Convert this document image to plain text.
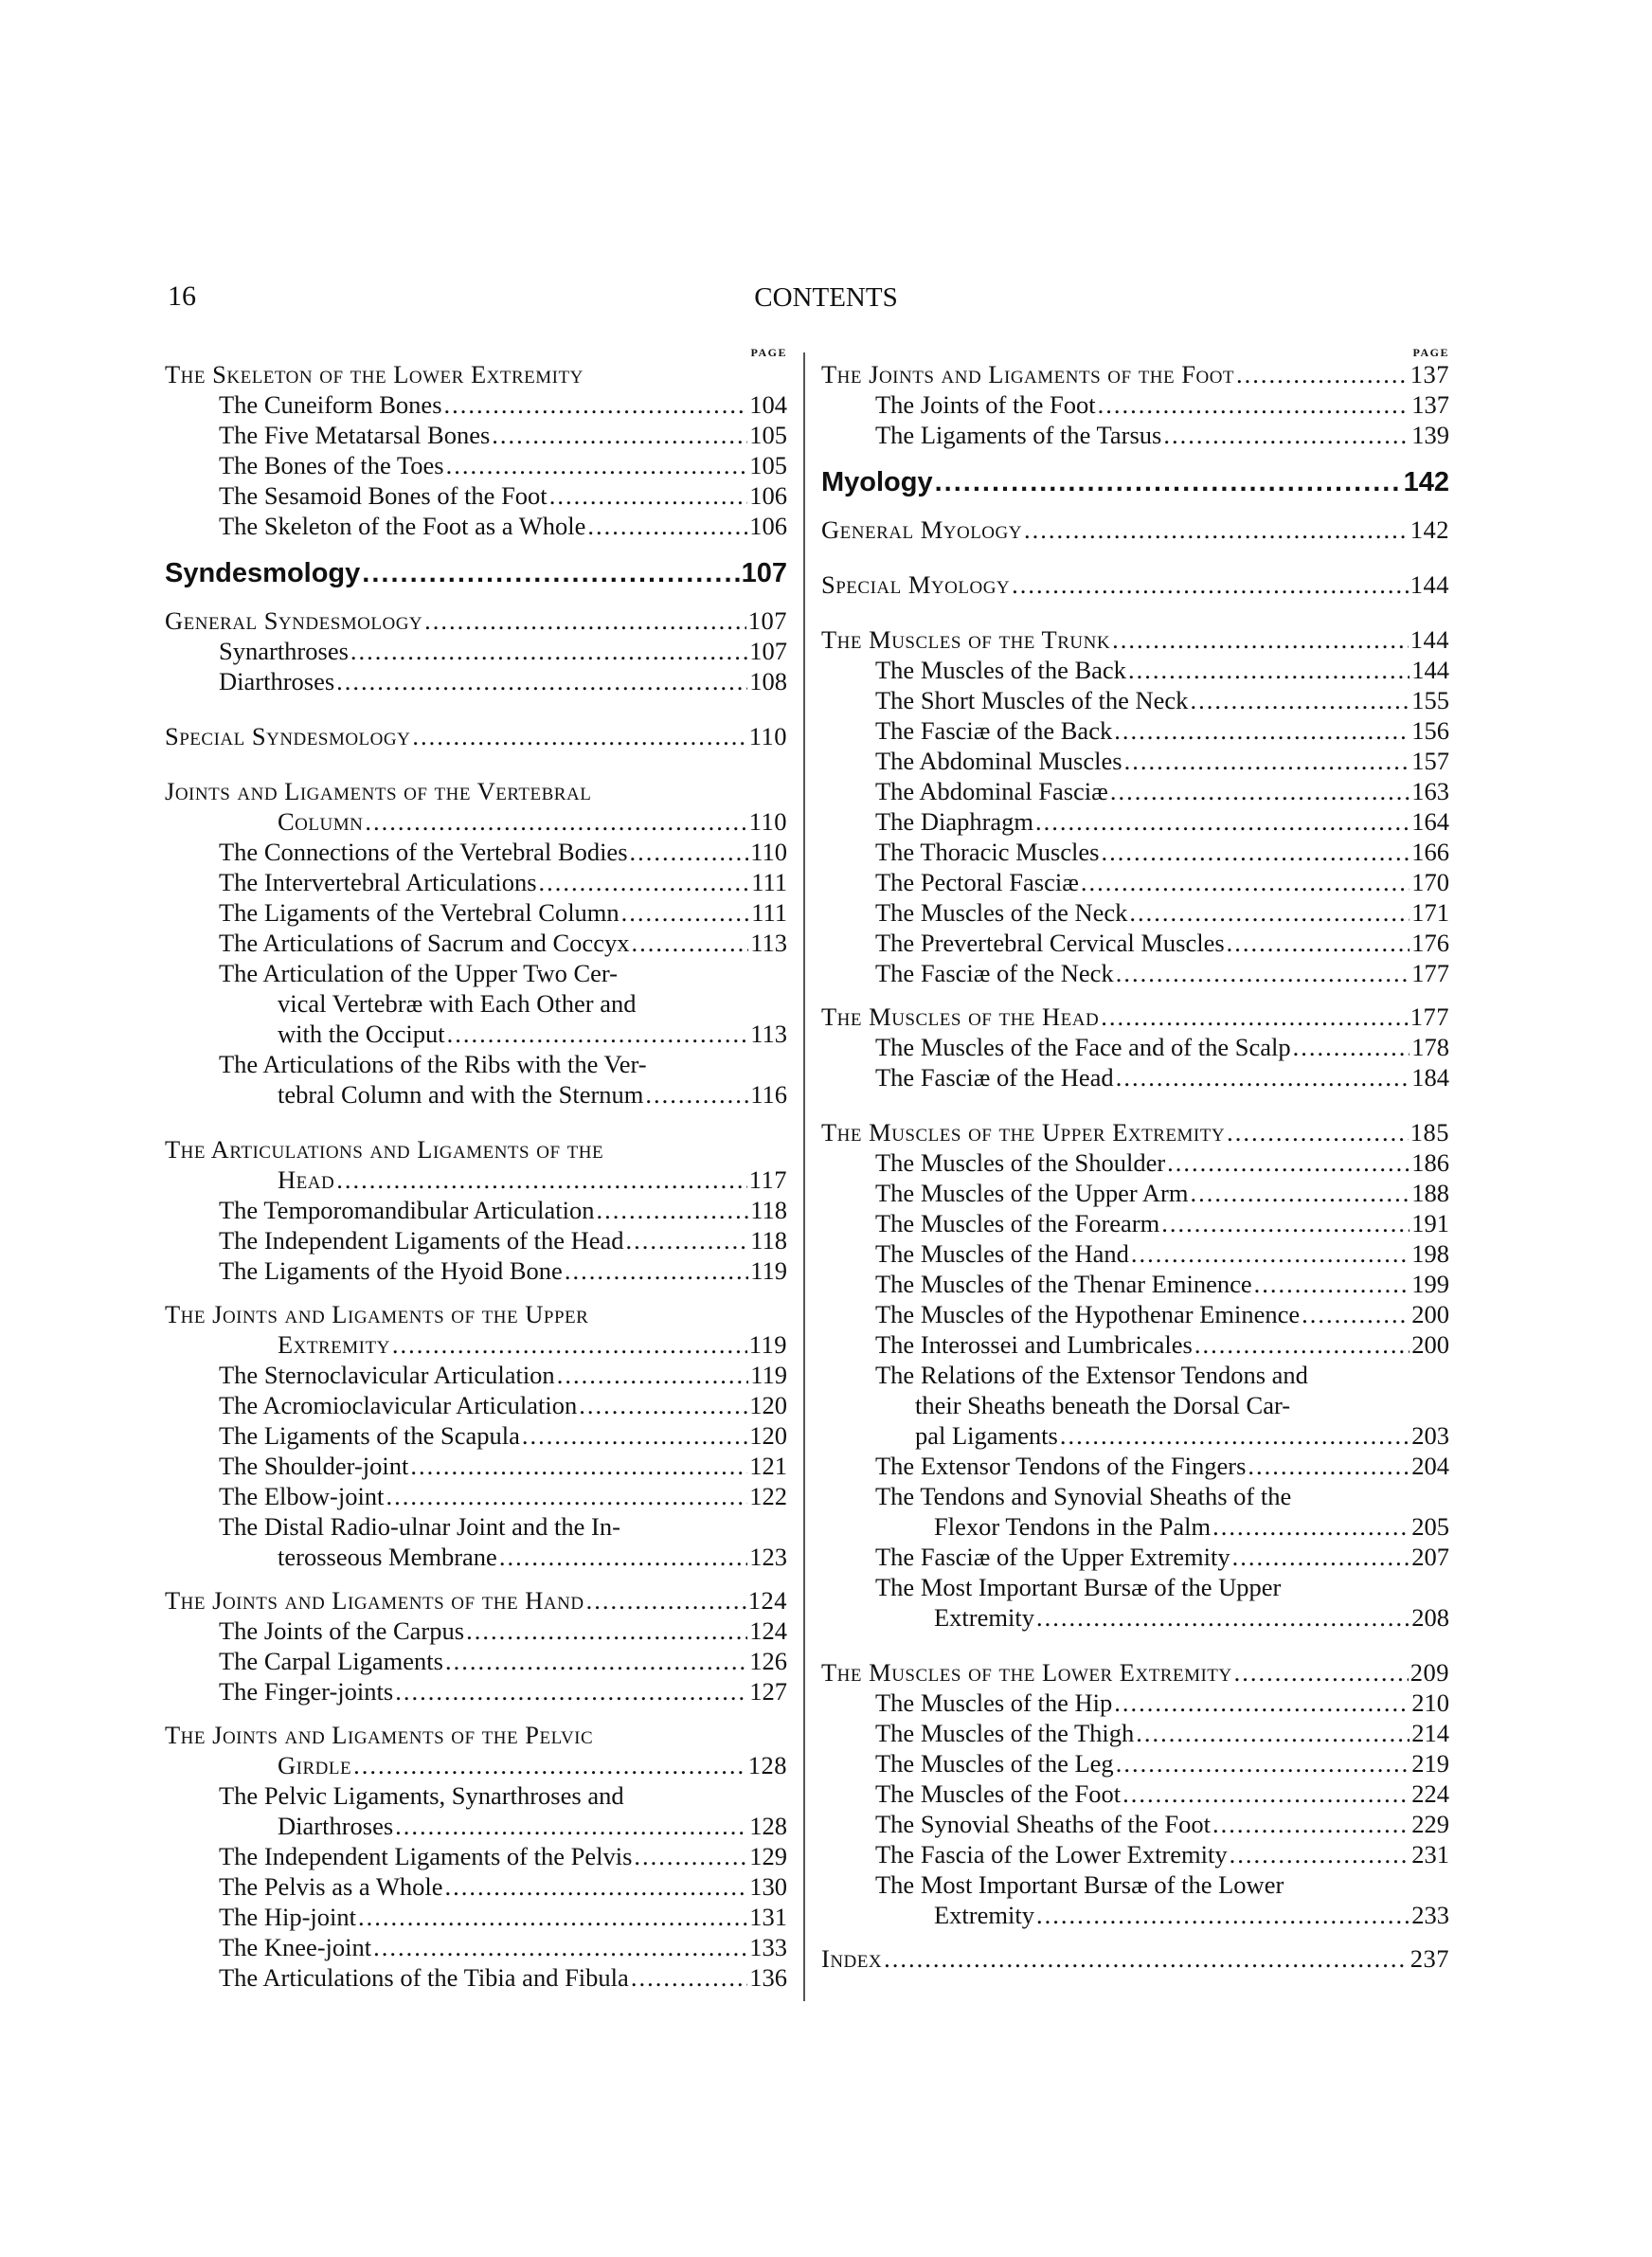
16	CONTENTS
PAGE
The Skeleton of the Lower Extremity
The Cuneiform Bones .....	104
The Five Metatarsal Bones .....	105
The Bones of the Toes .....	105
The Sesamoid Bones of the Foot .....	106
The Skeleton of the Foot as a Whole .....	106
Syndesmology .....	107
General Syndesmology .....	107
Synarthroses .....	107
Diarthroses .....	108
Special Syndesmology .....	110
Joints and Ligaments of the Vertebral
Column .....	110
The Connections of the Vertebral Bodies .....	110
The Intervertebral Articulations .....	111
The Ligaments of the Vertebral Column .....	111
The Articulations of Sacrum and Coccyx .....	113
The Articulation of the Upper Two Cer-
vical Vertebræ with Each Other and
with the Occiput .....	113
The Articulations of the Ribs with the Ver-
tebral Column and with the Sternum .....	116
The Articulations and Ligaments of the
Head .....	117
The Temporomandibular Articulation .....	118
The Independent Ligaments of the Head .....	118
The Ligaments of the Hyoid Bone .....	119
The Joints and Ligaments of the Upper
Extremity .....	119
The Sternoclavicular Articulation .....	119
The Acromioclavicular Articulation .....	120
The Ligaments of the Scapula .....	120
The Shoulder-joint .....	121
The Elbow-joint .....	122
The Distal Radio-ulnar Joint and the In-
terosseous Membrane .....	123
The Joints and Ligaments of the Hand .....	124
The Joints of the Carpus .....	124
The Carpal Ligaments .....	126
The Finger-joints .....	127
The Joints and Ligaments of the Pelvic
Girdle .....	128
The Pelvic Ligaments, Synarthroses and
Diarthroses .....	128
The Independent Ligaments of the Pelvis .....	129
The Pelvis as a Whole .....	130
The Hip-joint .....	131
The Knee-joint .....	133
The Articulations of the Tibia and Fibula .....	136
PAGE
The Joints and Ligaments of the Foot .....	137
The Joints of the Foot .....	137
The Ligaments of the Tarsus .....	139
Myology .....	142
General Myology .....	142
Special Myology .....	144
The Muscles of the Trunk .....	144
The Muscles of the Back .....	144
The Short Muscles of the Neck .....	155
The Fasciæ of the Back .....	156
The Abdominal Muscles .....	157
The Abdominal Fasciæ .....	163
The Diaphragm .....	164
The Thoracic Muscles .....	166
The Pectoral Fasciæ .....	170
The Muscles of the Neck .....	171
The Prevertebral Cervical Muscles .....	176
The Fasciæ of the Neck .....	177
The Muscles of the Head .....	177
The Muscles of the Face and of the Scalp .....	178
The Fasciæ of the Head .....	184
The Muscles of the Upper Extremity .....	185
The Muscles of the Shoulder .....	186
The Muscles of the Upper Arm .....	188
The Muscles of the Forearm .....	191
The Muscles of the Hand .....	198
The Muscles of the Thenar Eminence .....	199
The Muscles of the Hypothenar Eminence .....	200
The Interossei and Lumbricales .....	200
The Relations of the Extensor Tendons and
their Sheaths beneath the Dorsal Car-
pal Ligaments .....	203
The Extensor Tendons of the Fingers .....	204
The Tendons and Synovial Sheaths of the
Flexor Tendons in the Palm .....	205
The Fasciæ of the Upper Extremity .....	207
The Most Important Bursæ of the Upper
Extremity .....	208
The Muscles of the Lower Extremity .....	209
The Muscles of the Hip .....	210
The Muscles of the Thigh .....	214
The Muscles of the Leg .....	219
The Muscles of the Foot .....	224
The Synovial Sheaths of the Foot .....	229
The Fascia of the Lower Extremity .....	231
The Most Important Bursæ of the Lower
Extremity .....	233
Index .....	237
